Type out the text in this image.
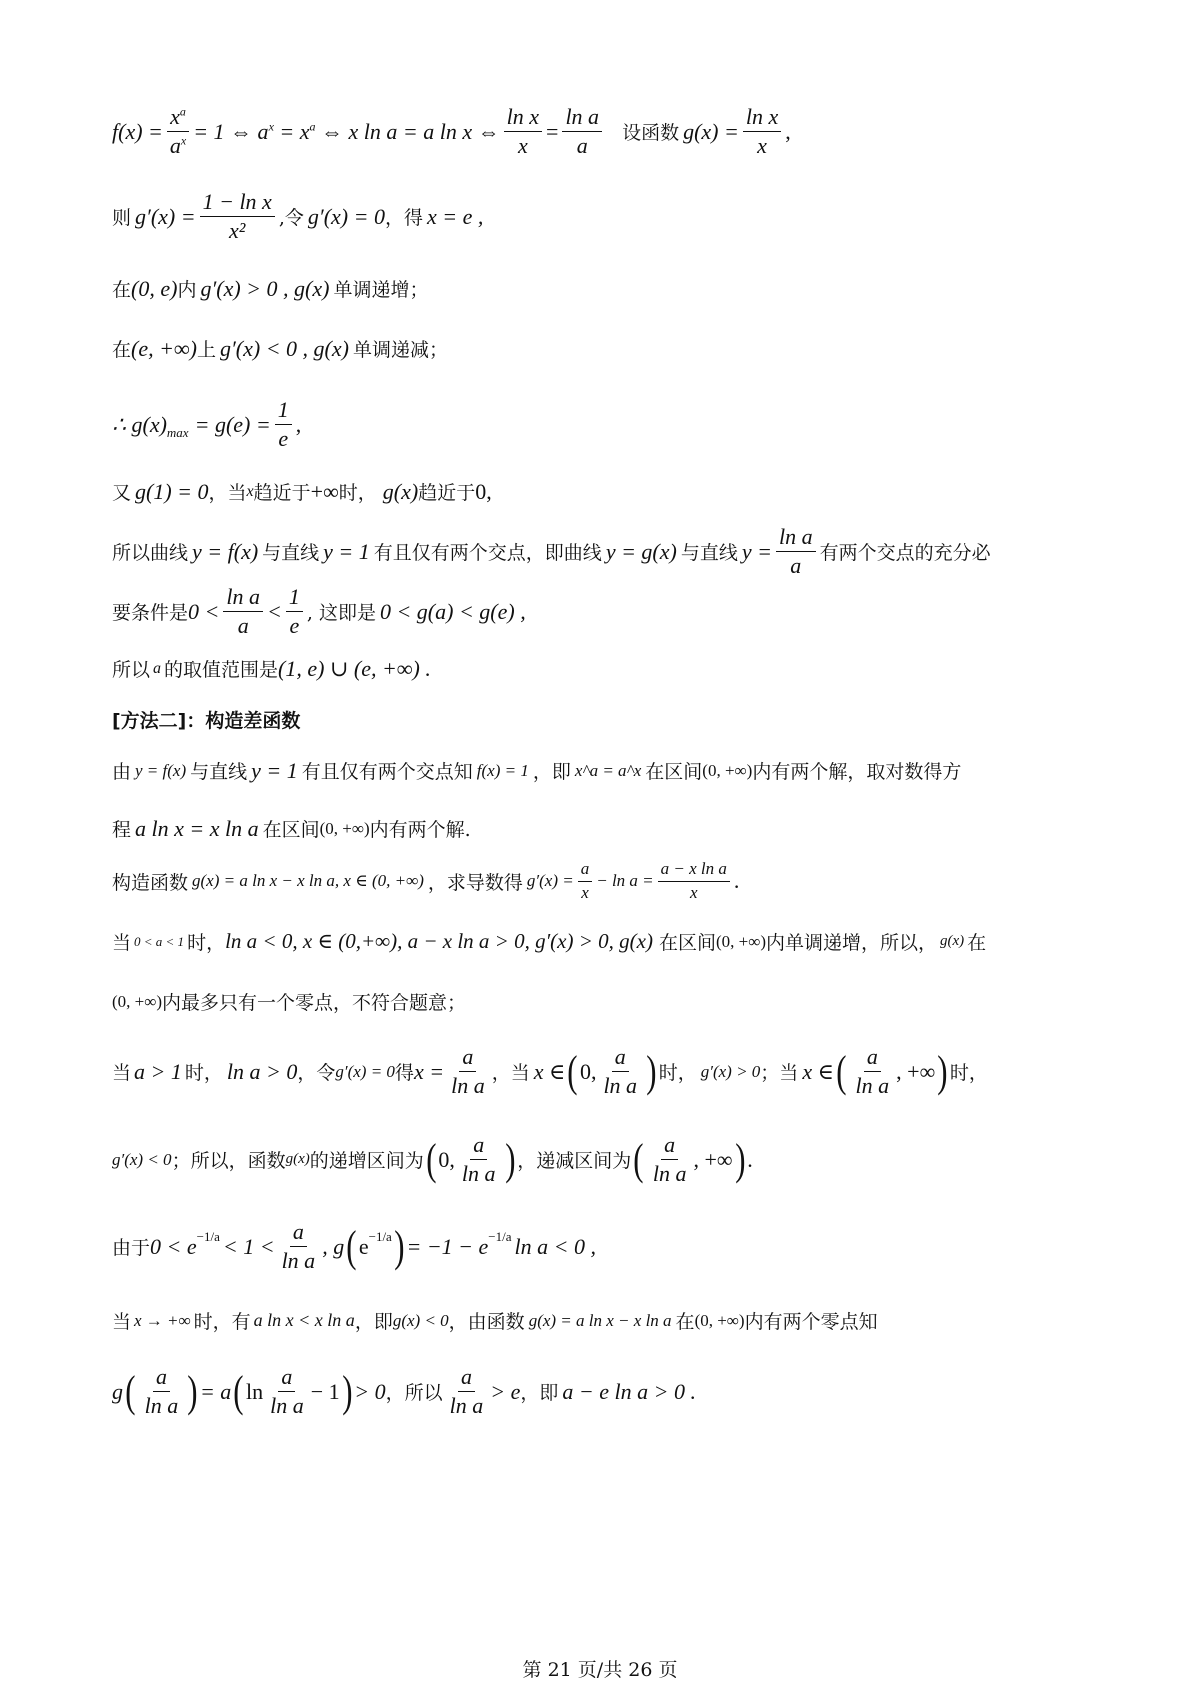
$f(x) = \frac{x^a}{a^x} = 1$ ⇔ $a^x = x^a$ ⇔ x ln a = a ln x ⇔ $\frac{\text{ln x}}{x} = \frac{\text{ln a}}{a}$ 设函数 $g(x) = \frac{\text{ln x}}{x}$ ,
则 $g'(x) = \frac{\text{1 − ln x}}{\text{x²}}$ ,令 g′(x) = 0 ，得 x = e ,
在 (0, e) 内 g′(x) > 0 , g(x) 单调递增；
在 (e, +∞) 上 g′(x) < 0 , g(x) 单调递减；
∴ g(x) $\max = g(e) = \frac{1}{e}$ ,
又 g(1) = 0 ，当 x 趋近于 +∞ 时， g(x) 趋近于 0 ,
所以曲线 y = f(x) 与直线 y = 1 有且仅有两个交点，即曲线 y = g(x) 与直线 $y = \frac{\text{ln a}}{a}$ 有两个交点的充分必
要条件是 $0 < \frac{\text{ln a}}{a} < \frac{1}{e}$ , 这即是 0 < g(a) < g(e) ,
所以 a 的取值范围是 (1, e) ∪ (e, +∞) .
[方法二]：构造差函数
由 y = f(x) 与直线 y = 1 有且仅有两个交点知 f(x) = 1 ，即 x^a = a^x 在区间 (0, +∞) 内有两个解，取对数得方
程 a ln x = x ln a 在区间 (0, +∞) 内有两个解.
构造函数 g(x) = a ln x − x ln a, x ∈ (0, +∞) ，求导数得 $g'(x) = \frac{a}{x} - \ln a = \frac{\text{a − x ln a}}{x}$ .
当 0 < a < 1 时， ln a < 0, x ∈ (0,+∞), a − x ln a > 0, g′(x) > 0, g(x) 在区间 (0, +∞) 内单调递增，所以， g(x) 在
(0, +∞) 内最多只有一个零点，不符合题意；
当 a > 1 时， ln a > 0 ，令 g′(x) = 0 得 $x = \frac{a}{\text{ln a}}$ ，当 x ∈ ( 0, $\frac{a}{\text{ln a}}$ ) 时， g′(x) > 0 ；当 x ∈ ( $\frac{a}{\text{ln a}}$ , +∞ ) 时，
g′(x) < 0 ；所以，函数 g(x) 的递增区间为 ( 0, $\frac{a}{\text{ln a}}$ ) ，递减区间为 ( $\frac{a}{\text{ln a}}$ , +∞ ) .
由于 $0 < e -1/a < 1 < \frac{a}{\text{ln a}}$ , g ( e −1/a ) = −1 − e −1/a ln a < 0 ,
当 x → +∞ 时，有 a ln x < x ln a ，即 g(x) < 0 ，由函数 g(x) = a ln x − x ln a 在 (0, +∞) 内有两个零点知
g ( $\frac{a}{\text{ln a}}$ ) = a ( $\ln \frac{a}{\text{ln a}} - 1$ ) > 0 ，所以 $\frac{a}{\text{ln a}} > e$ ，即 a − e ln a > 0 .
第 21 页/共 26 页
